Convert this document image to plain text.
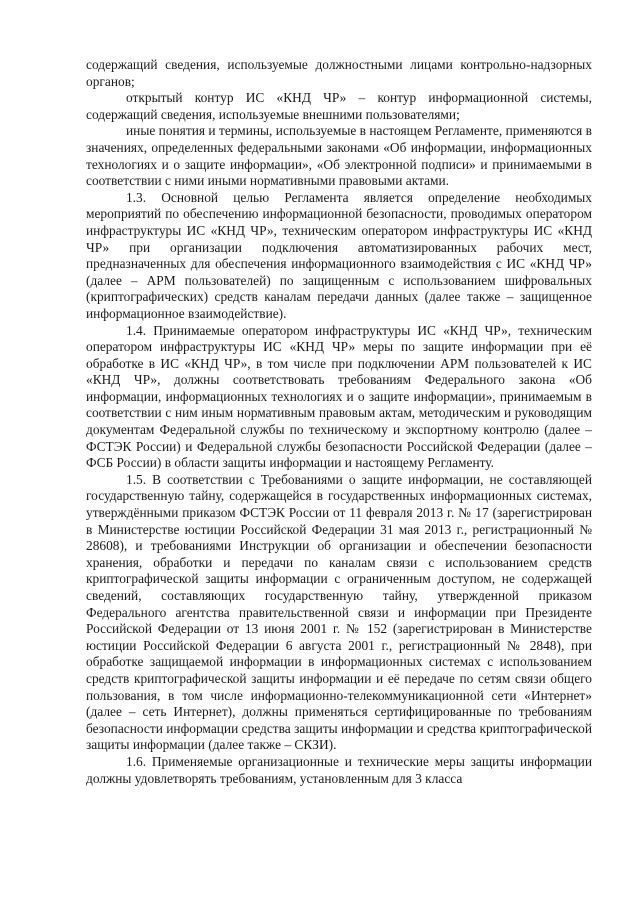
содержащий сведения, используемые должностными лицами контрольно-надзорных органов;

открытый контур ИС «КНД ЧР» – контур информационной системы, содержащий сведения, используемые внешними пользователями;

иные понятия и термины, используемые в настоящем Регламенте, применяются в значениях, определенных федеральными законами «Об информации, информационных технологиях и о защите информации», «Об электронной подписи» и принимаемыми в соответствии с ними иными нормативными правовыми актами.

1.3. Основной целью Регламента является определение необходимых мероприятий по обеспечению информационной безопасности, проводимых оператором инфраструктуры ИС «КНД ЧР», техническим оператором инфраструктуры ИС «КНД ЧР» при организации подключения автоматизированных рабочих мест, предназначенных для обеспечения информационного взаимодействия с ИС «КНД ЧР» (далее – АРМ пользователей) по защищенным с использованием шифровальных (криптографических) средств каналам передачи данных (далее также – защищенное информационное взаимодействие).

1.4. Принимаемые оператором инфраструктуры ИС «КНД ЧР», техническим оператором инфраструктуры ИС «КНД ЧР» меры по защите информации при её обработке в ИС «КНД ЧР», в том числе при подключении АРМ пользователей к ИС «КНД ЧР», должны соответствовать требованиям Федерального закона «Об информации, информационных технологиях и о защите информации», принимаемым в соответствии с ним иным нормативным правовым актам, методическим и руководящим документам Федеральной службы по техническому и экспортному контролю (далее – ФСТЭК России) и Федеральной службы безопасности Российской Федерации (далее – ФСБ России) в области защиты информации и настоящему Регламенту.

1.5. В соответствии с Требованиями о защите информации, не составляющей государственную тайну, содержащейся в государственных информационных системах, утверждёнными приказом ФСТЭК России от 11 февраля 2013 г. № 17 (зарегистрирован в Министерстве юстиции Российской Федерации 31 мая 2013 г., регистрационный № 28608), и требованиями Инструкции об организации и обеспечении безопасности хранения, обработки и передачи по каналам связи с использованием средств криптографической защиты информации с ограниченным доступом, не содержащей сведений, составляющих государственную тайну, утвержденной приказом Федерального агентства правительственной связи и информации при Президенте Российской Федерации от 13 июня 2001 г. № 152 (зарегистрирован в Министерстве юстиции Российской Федерации 6 августа 2001 г., регистрационный № 2848), при обработке защищаемой информации в информационных системах с использованием средств криптографической защиты информации и её передаче по сетям связи общего пользования, в том числе информационно-телекоммуникационной сети «Интернет» (далее – сеть Интернет), должны применяться сертифицированные по требованиям безопасности информации средства защиты информации и средства криптографической защиты информации (далее также – СКЗИ).

1.6. Применяемые организационные и технические меры защиты информации должны удовлетворять требованиям, установленным для 3 класса
